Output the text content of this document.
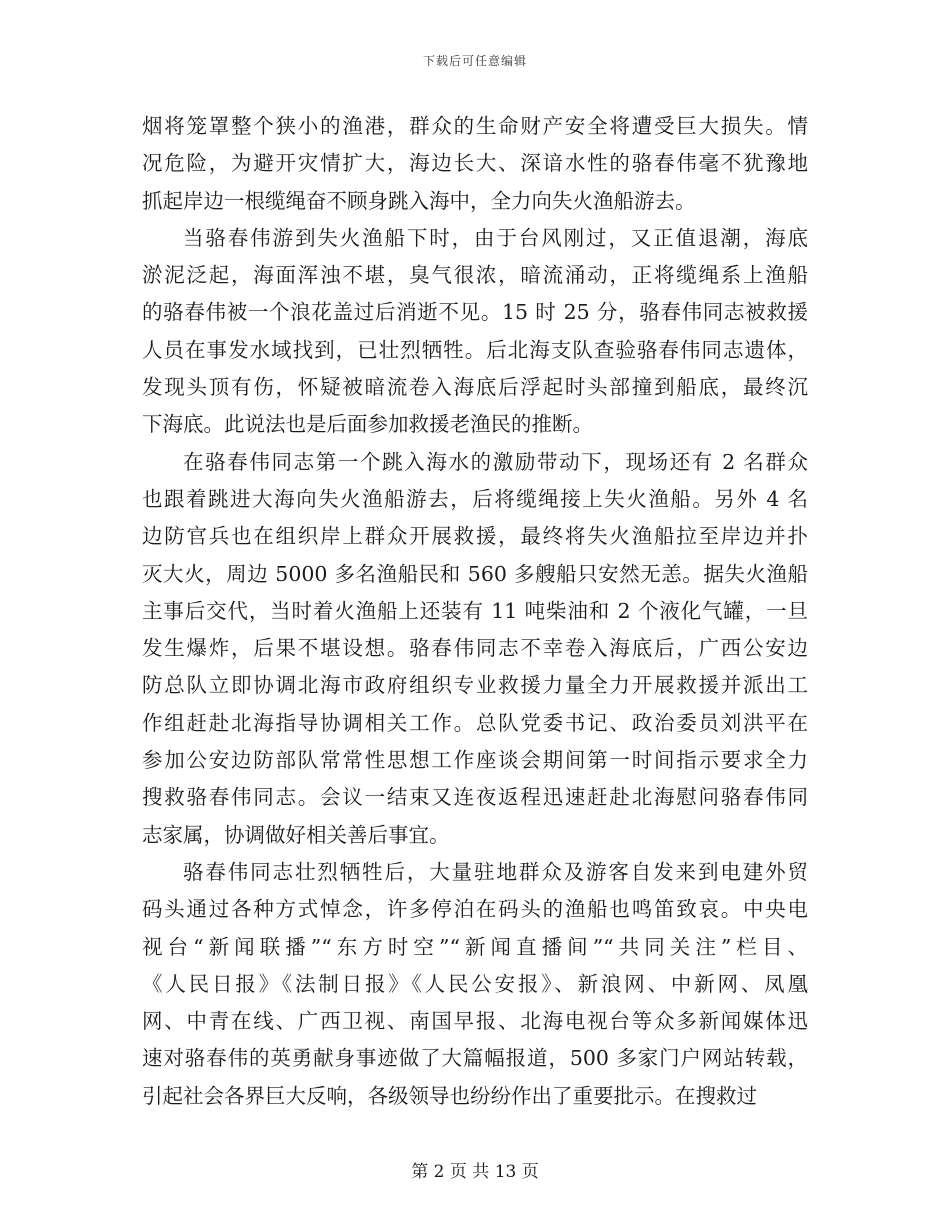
下载后可任意编辑
烟将笼罩整个狭小的渔港，群众的生命财产安全将遭受巨大损失。情
况危险，为避开灾情扩大，海边长大、深谙水性的骆春伟毫不犹豫地
抓起岸边一根缆绳奋不顾身跳入海中，全力向失火渔船游去。
当骆春伟游到失火渔船下时，由于台风刚过，又正值退潮，海底
淤泥泛起，海面浑浊不堪，臭气很浓，暗流涌动，正将缆绳系上渔船
的骆春伟被一个浪花盖过后消逝不见。15 时 25 分，骆春伟同志被救援
人员在事发水域找到，已壮烈牺牲。后北海支队查验骆春伟同志遗体，
发现头顶有伤，怀疑被暗流卷入海底后浮起时头部撞到船底，最终沉
下海底。此说法也是后面参加救援老渔民的推断。
在骆春伟同志第一个跳入海水的激励带动下，现场还有 2 名群众
也跟着跳进大海向失火渔船游去，后将缆绳接上失火渔船。另外 4 名
边防官兵也在组织岸上群众开展救援，最终将失火渔船拉至岸边并扑
灭大火，周边 5000 多名渔船民和 560 多艘船只安然无恙。据失火渔船
主事后交代，当时着火渔船上还装有 11 吨柴油和 2 个液化气罐，一旦
发生爆炸，后果不堪设想。骆春伟同志不幸卷入海底后，广西公安边
防总队立即协调北海市政府组织专业救援力量全力开展救援并派出工
作组赶赴北海指导协调相关工作。总队党委书记、政治委员刘洪平在
参加公安边防部队常常性思想工作座谈会期间第一时间指示要求全力
搜救骆春伟同志。会议一结束又连夜返程迅速赶赴北海慰问骆春伟同
志家属，协调做好相关善后事宜。
骆春伟同志壮烈牺牲后，大量驻地群众及游客自发来到电建外贸
码头通过各种方式悼念，许多停泊在码头的渔船也鸣笛致哀。中央电
视台“新闻联播”“东方时空”“新闻直播间”“共同关注”栏目、
《人民日报》《法制日报》《人民公安报》、新浪网、中新网、凤凰
网、中青在线、广西卫视、南国早报、北海电视台等众多新闻媒体迅
速对骆春伟的英勇献身事迹做了大篇幅报道，500 多家门户网站转载，
引起社会各界巨大反响，各级领导也纷纷作出了重要批示。在搜救过
第 2 页 共 13 页
